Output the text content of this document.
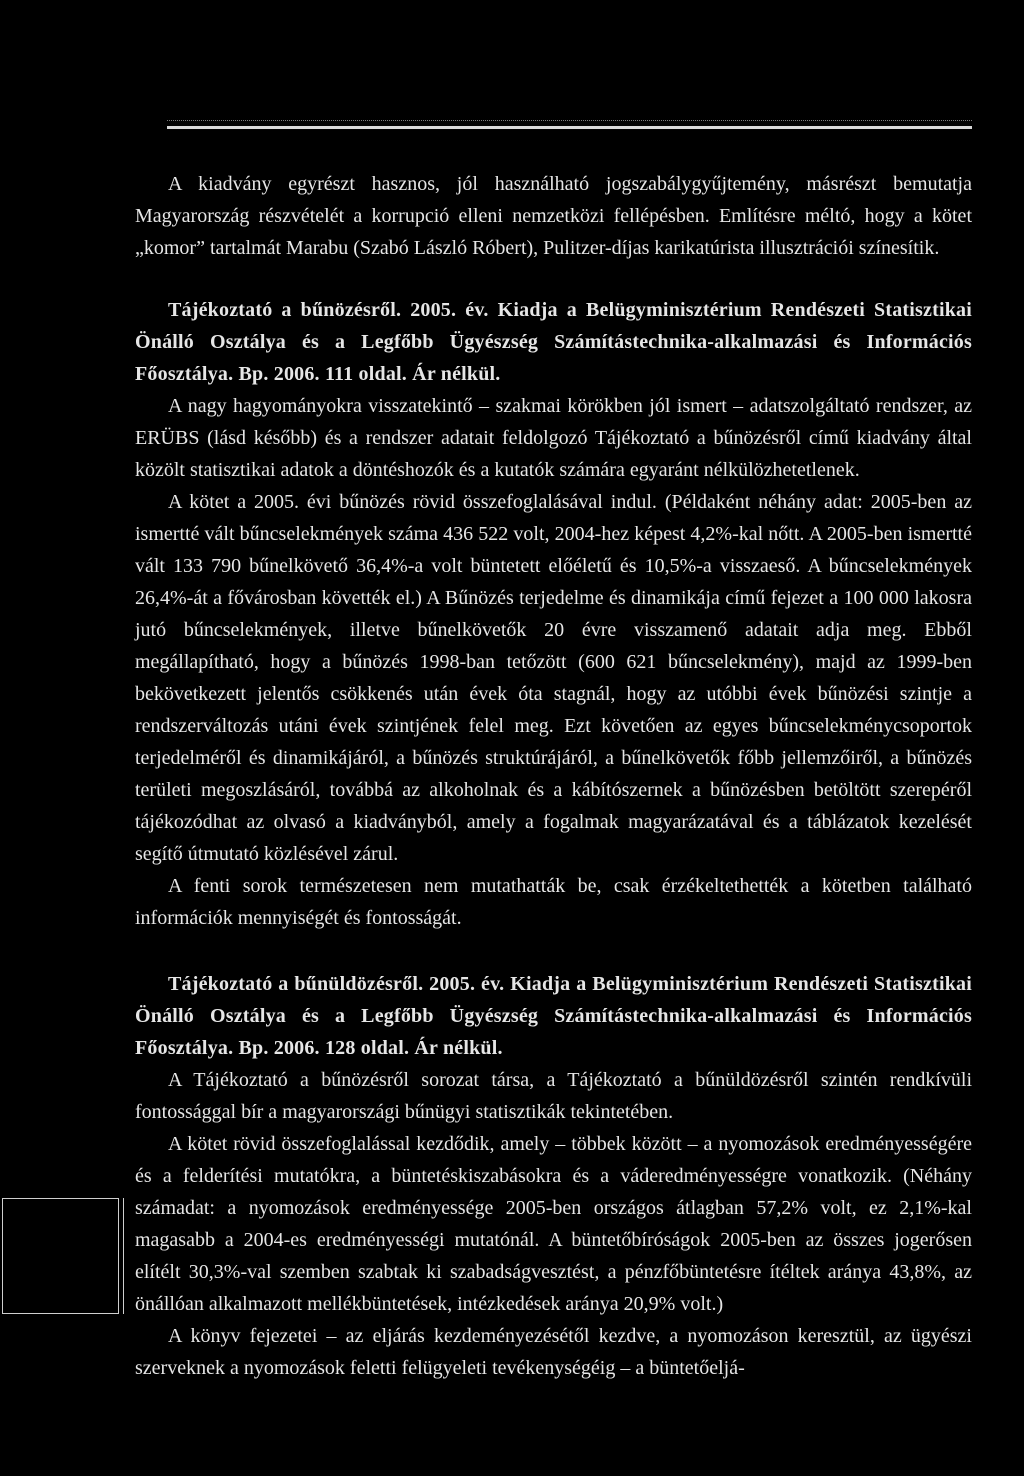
A kiadvány egyrészt hasznos, jól használható jogszabálygyűjtemény, másrészt bemutatja Magyarország részvételét a korrupció elleni nemzetközi fellépésben. Említésre méltó, hogy a kötet „komor” tartalmát Marabu (Szabó László Róbert), Pulitzer-díjas karikatúrista illusztrációi színesítik.

Tájékoztató a bűnözésről. 2005. év. Kiadja a Belügyminisztérium Rendészeti Statisztikai Önálló Osztálya és a Legfőbb Ügyészség Számítástechnika-alkalmazási és Információs Főosztálya. Bp. 2006. 111 oldal. Ár nélkül.

A nagy hagyományokra visszatekintő – szakmai körökben jól ismert – adatszolgáltató rendszer, az ERÜBS (lásd később) és a rendszer adatait feldolgozó Tájékoztató a bűnözésről című kiadvány által közölt statisztikai adatok a döntéshozók és a kutatók számára egyaránt nélkülözhetetlenek.

A kötet a 2005. évi bűnözés rövid összefoglalásával indul. (Példaként néhány adat: 2005-ben az ismertté vált bűncselekmények száma 436 522 volt, 2004-hez képest 4,2%-kal nőtt. A 2005-ben ismertté vált 133 790 bűnelkövető 36,4%-a volt büntetett előéletű és 10,5%-a visszaeső. A bűncselekmények 26,4%-át a fővárosban követték el.) A Bűnözés terjedelme és dinamikája című fejezet a 100 000 lakosra jutó bűncselekmények, illetve bűnelkövetők 20 évre visszamenő adatait adja meg. Ebből megállapítható, hogy a bűnözés 1998-ban tetőzött (600 621 bűncselekmény), majd az 1999-ben bekövetkezett jelentős csökkenés után évek óta stagnál, hogy az utóbbi évek bűnözési szintje a rendszerváltozás utáni évek szintjének felel meg. Ezt követően az egyes bűncselekménycsoportok terjedelméről és dinamikájáról, a bűnözés struktúrájáról, a bűnelkövetők főbb jellemzőiről, a bűnözés területi megoszlásáról, továbbá az alkoholnak és a kábítószernek a bűnözésben betöltött szerepéről tájékozódhat az olvasó a kiadványból, amely a fogalmak magyarázatával és a táblázatok kezelését segítő útmutató közlésével zárul.

A fenti sorok természetesen nem mutathatták be, csak érzékeltethették a kötetben található információk mennyiségét és fontosságát.

Tájékoztató a bűnüldözésről. 2005. év. Kiadja a Belügyminisztérium Rendészeti Statisztikai Önálló Osztálya és a Legfőbb Ügyészség Számítástechnika-alkalmazási és Információs Főosztálya. Bp. 2006. 128 oldal. Ár nélkül.

A Tájékoztató a bűnözésről sorozat társa, a Tájékoztató a bűnüldözésről szintén rendkívüli fontossággal bír a magyarországi bűnügyi statisztikák tekintetében.

A kötet rövid összefoglalással kezdődik, amely – többek között – a nyomozások eredményességére és a felderítési mutatókra, a büntetéskiszabásokra és a váderedményességre vonatkozik. (Néhány számadat: a nyomozások eredményessége 2005-ben országos átlagban 57,2% volt, ez 2,1%-kal magasabb a 2004-es eredményességi mutatónál. A büntetőbíróságok 2005-ben az összes jogerősen elítélt 30,3%-val szemben szabtak ki szabadságvesztést, a pénzfőbüntetésre ítéltek aránya 43,8%, az önállóan alkalmazott mellékbüntetések, intézkedések aránya 20,9% volt.)

A könyv fejezetei – az eljárás kezdeményezésétől kezdve, a nyomozáson keresztül, az ügyészi szerveknek a nyomozások feletti felügyeleti tevékenységéig – a büntetőeljá-
